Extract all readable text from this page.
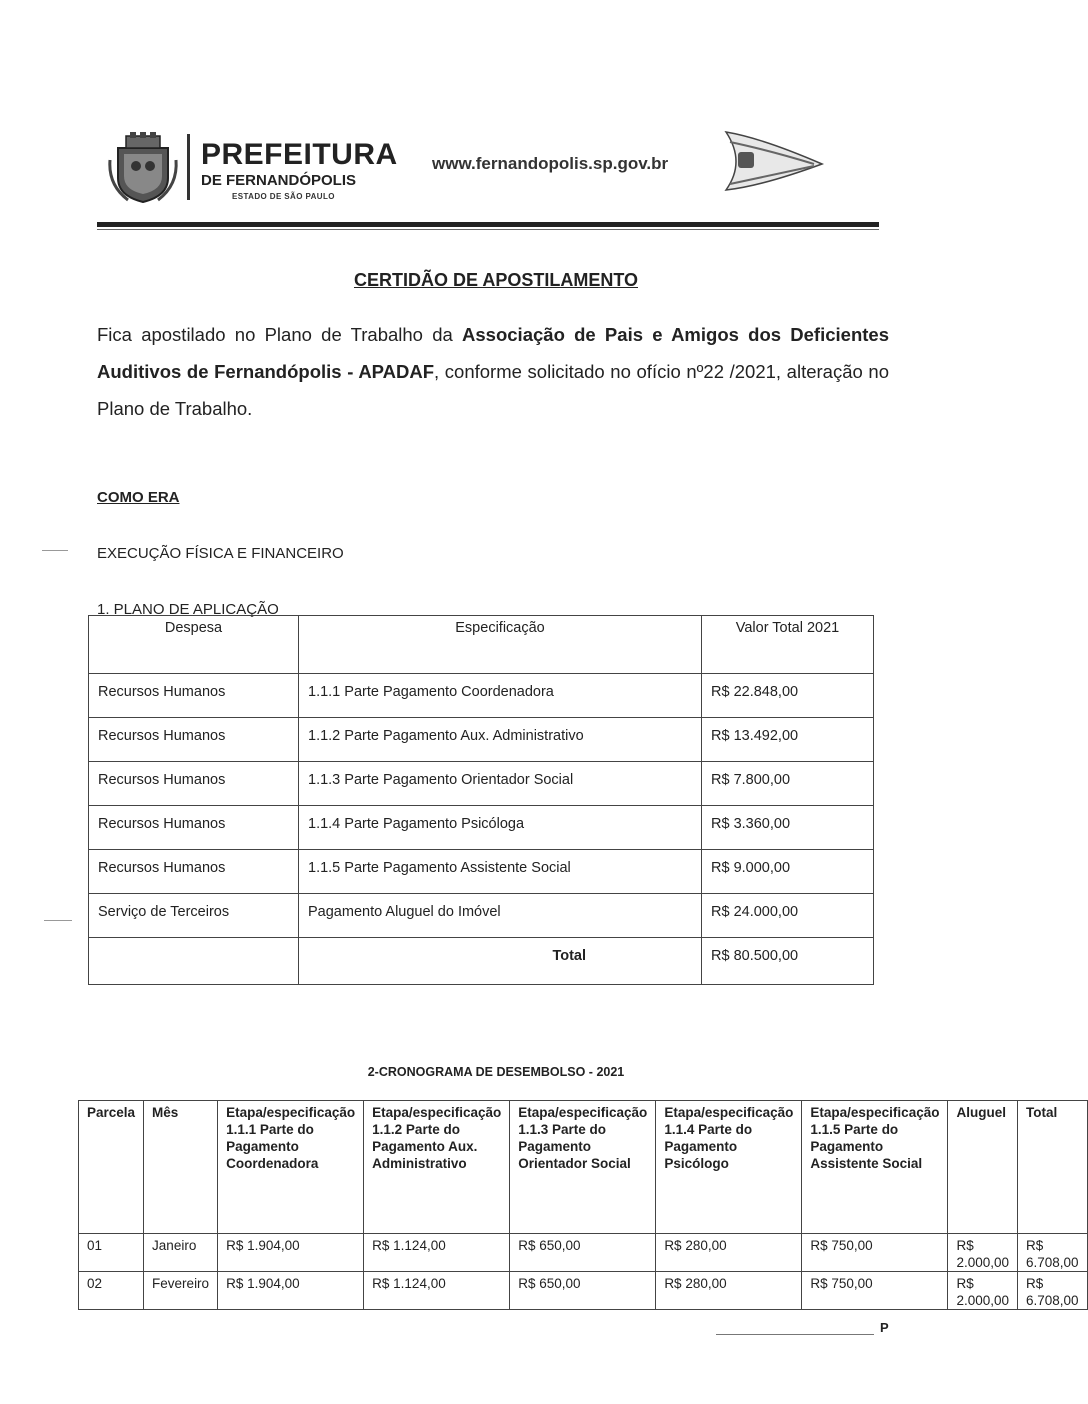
PREFEITURA
DE FERNANDÓPOLIS
ESTADO DE SÃO PAULO
www.fernandopolis.sp.gov.br
CERTIDÃO DE APOSTILAMENTO

Fica apostilado no Plano de Trabalho da Associação de Pais e Amigos dos Deficientes Auditivos de Fernandópolis - APADAF, conforme solicitado no ofício nº22 /2021, alteração no Plano de Trabalho.

COMO ERA
EXECUÇÃO FÍSICA E FINANCEIRO
1. PLANO DE APLICAÇÃO
Despesa	Especificação	Valor Total 2021
Recursos Humanos	1.1.1 Parte Pagamento Coordenadora	R$ 22.848,00
Recursos Humanos	1.1.2 Parte Pagamento Aux. Administrativo	R$ 13.492,00
Recursos Humanos	1.1.3 Parte Pagamento Orientador Social	R$ 7.800,00
Recursos Humanos	1.1.4 Parte Pagamento Psicóloga	R$ 3.360,00
Recursos Humanos	1.1.5 Parte Pagamento Assistente Social	R$ 9.000,00
Serviço de Terceiros	Pagamento Aluguel do Imóvel	R$ 24.000,00
	Total	R$ 80.500,00
2-CRONOGRAMA DE DESEMBOLSO - 2021
Parcela	Mês	Etapa/especificação 1.1.1 Parte do Pagamento Coordenadora	Etapa/especificação 1.1.2 Parte do Pagamento Aux. Administrativo	Etapa/especificação 1.1.3 Parte do Pagamento Orientador Social	Etapa/especificação 1.1.4 Parte do Pagamento Psicólogo	Etapa/especificação 1.1.5 Parte do Pagamento Assistente Social	Aluguel	Total
01	Janeiro	R$ 1.904,00	R$ 1.124,00	R$ 650,00	R$ 280,00	R$ 750,00	R$ 2.000,00	R$ 6.708,00
02	Fevereiro	R$ 1.904,00	R$ 1.124,00	R$ 650,00	R$ 280,00	R$ 750,00	R$ 2.000,00	R$ 6.708,00
P
